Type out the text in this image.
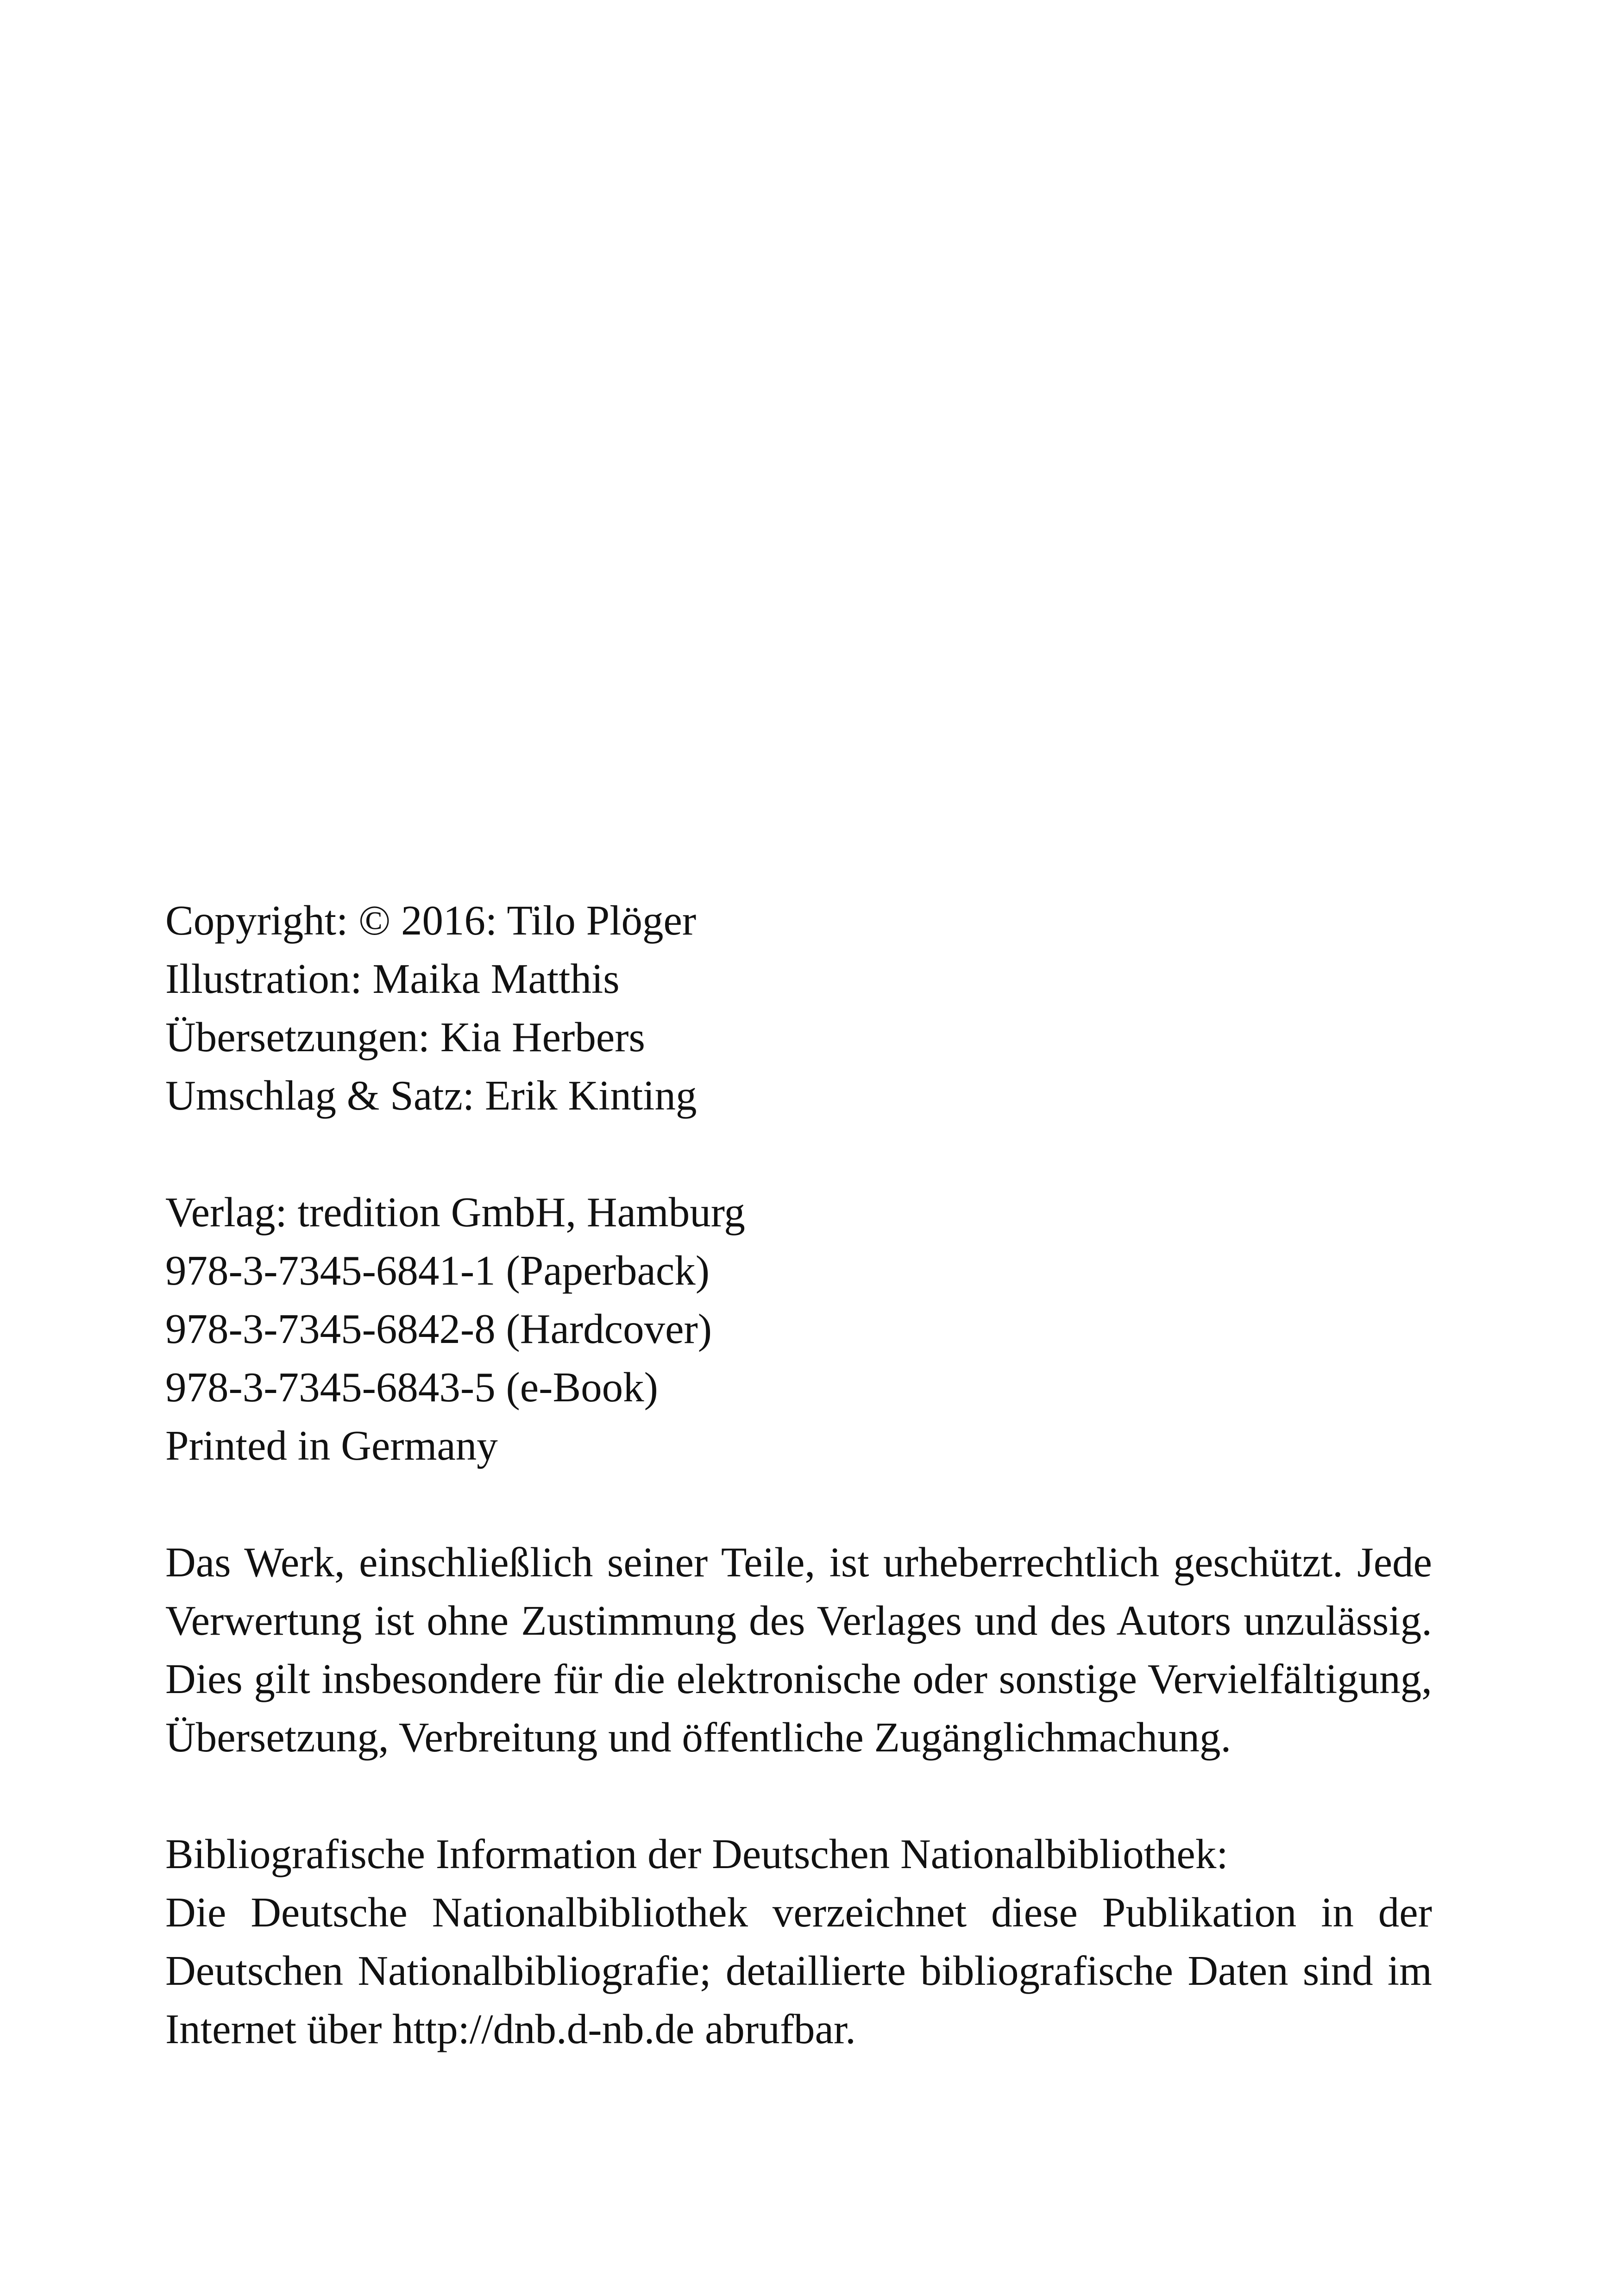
Copyright: © 2016: Tilo Plöger
Illustration: Maika Matthis
Übersetzungen: Kia Herbers
Umschlag & Satz: Erik Kinting
Verlag: tredition GmbH, Hamburg
978-3-7345-6841-1 (Paperback)
978-3-7345-6842-8 (Hardcover)
978-3-7345-6843-5 (e-Book)
Printed in Germany
Das Werk, einschließlich seiner Teile, ist urheberrechtlich geschützt. Jede
Verwertung ist ohne Zustimmung des Verlages und des Autors unzulässig.
Dies gilt insbesondere für die elektronische oder sonstige Vervielfältigung,
Übersetzung, Verbreitung und öffentliche Zugänglichmachung.
Bibliografische Information der Deutschen Nationalbibliothek:
Die Deutsche Nationalbibliothek verzeichnet diese Publikation in der
Deutschen Nationalbibliografie; detaillierte bibliografische Daten sind im
Internet über http://dnb.d-nb.de abrufbar.
